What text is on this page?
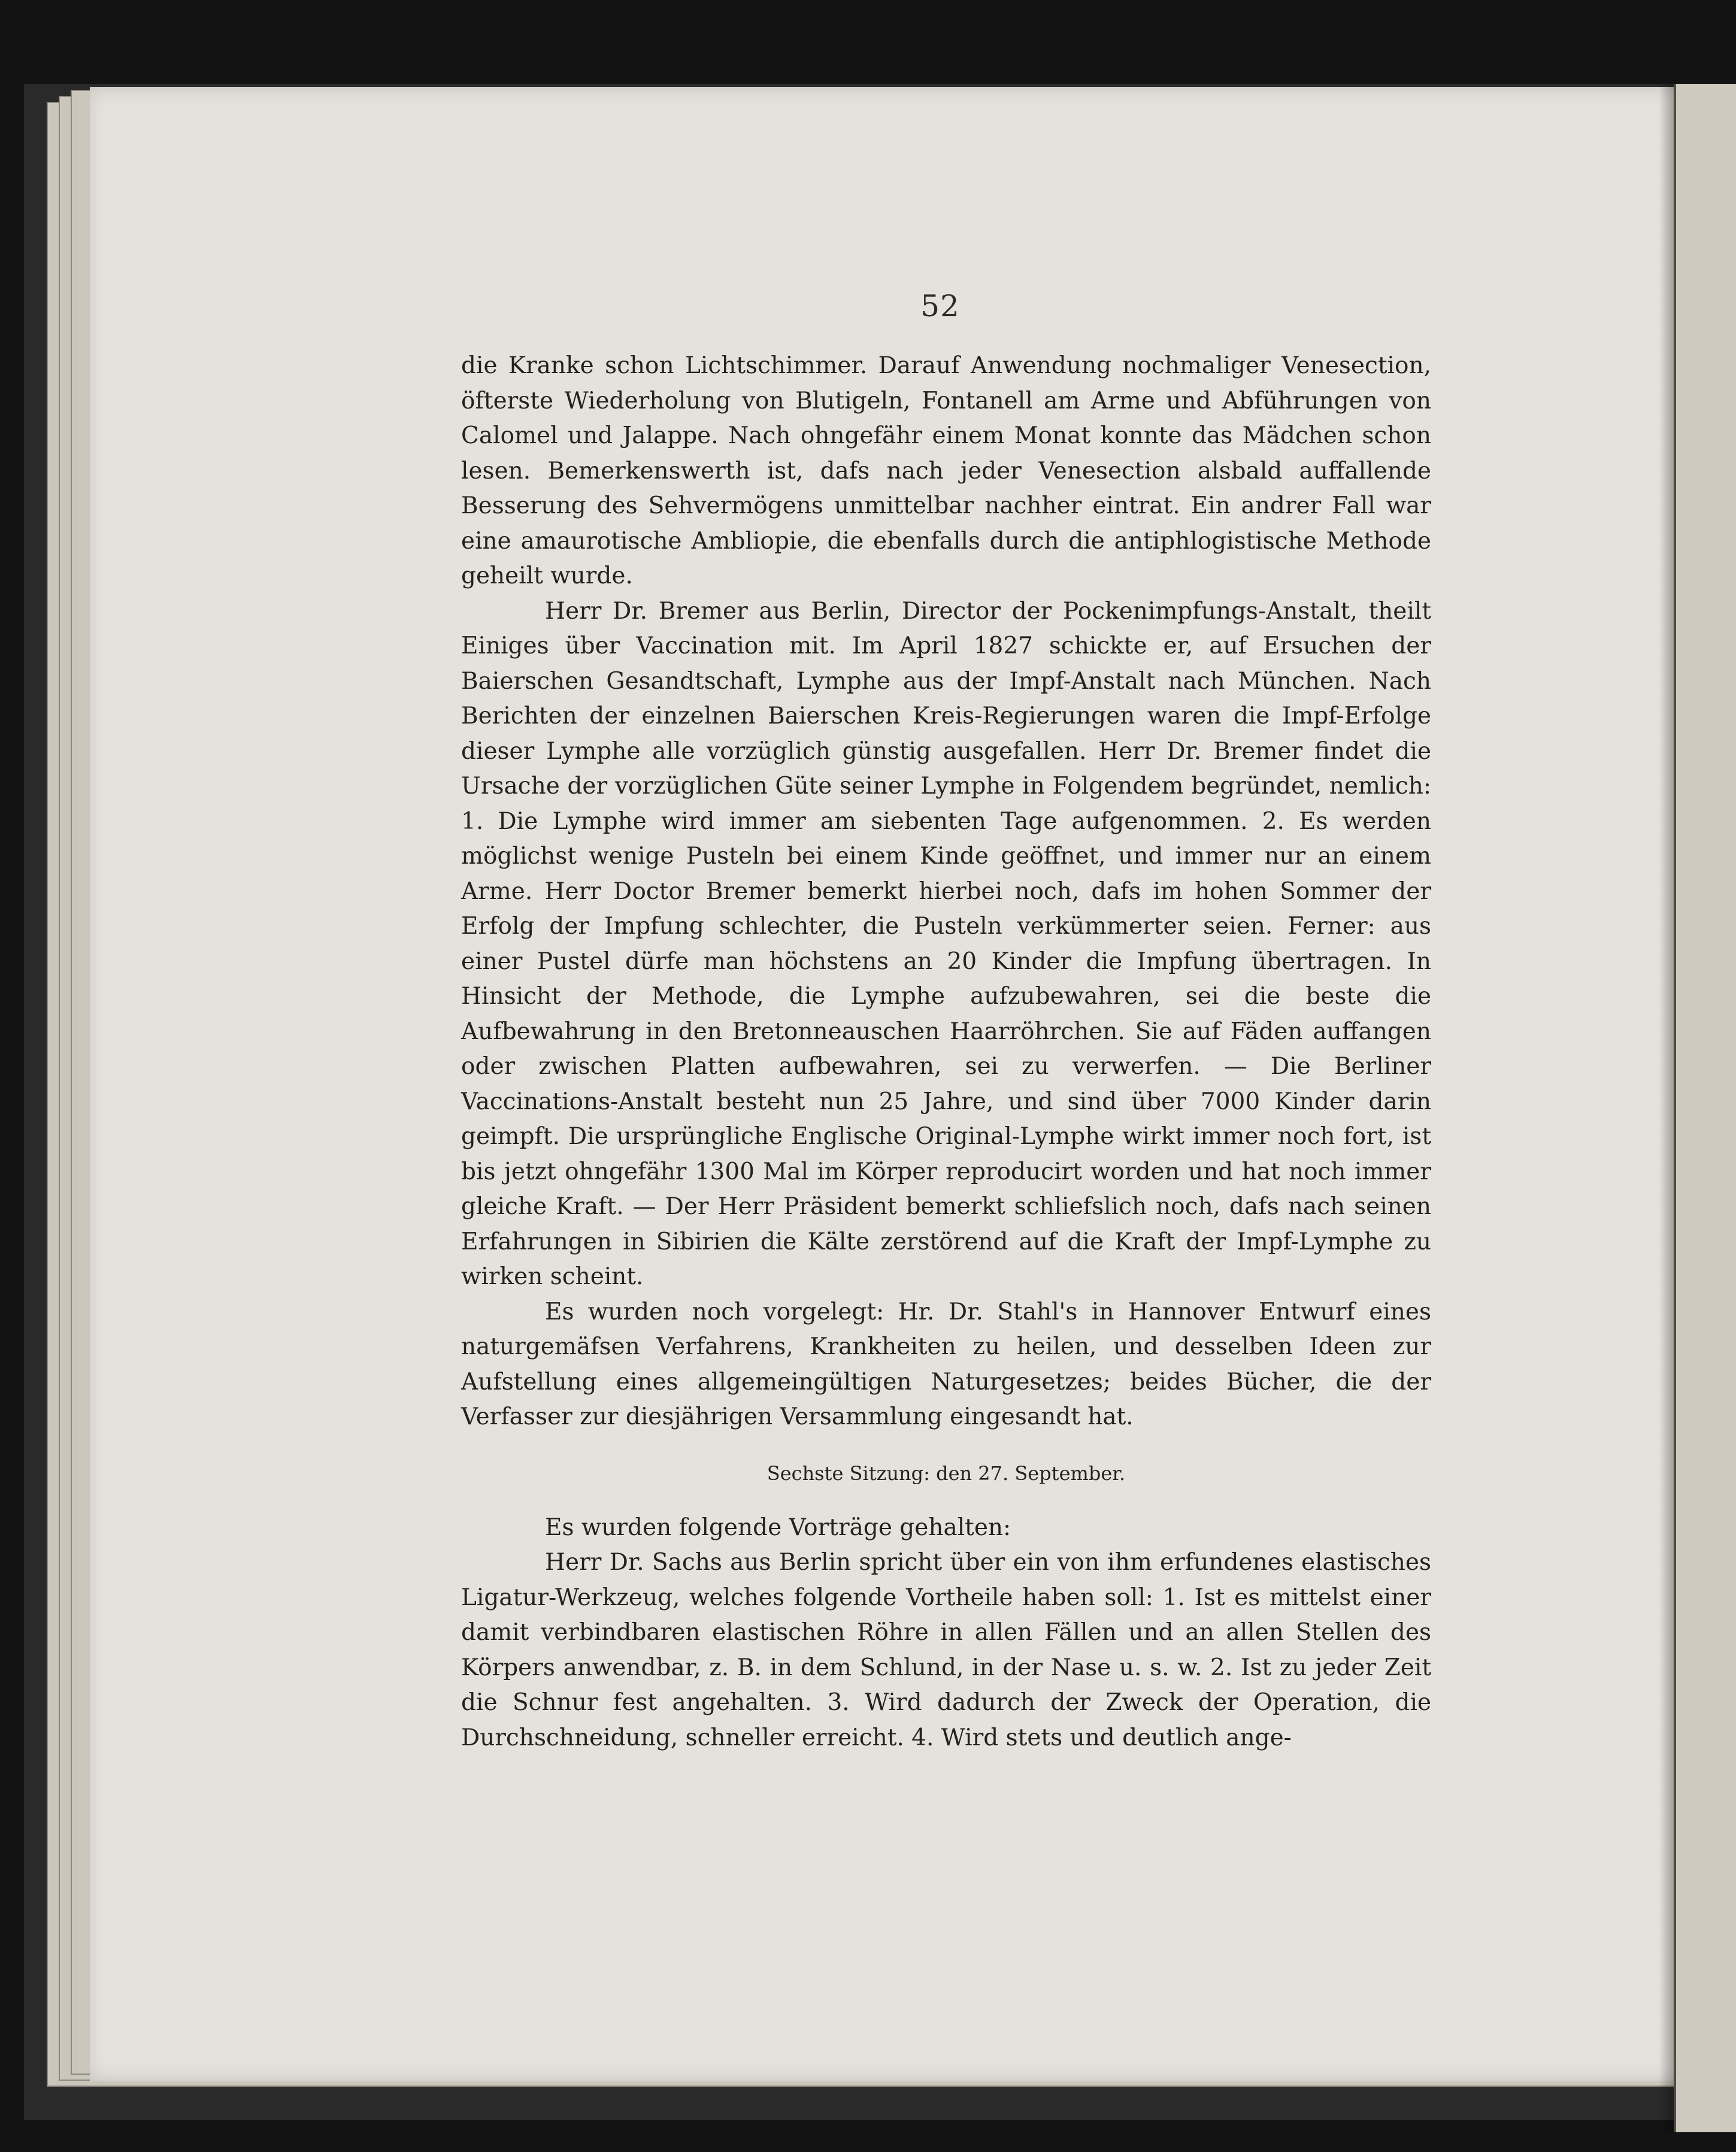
52

die Kranke schon Lichtschimmer. Darauf Anwendung nochmaliger Venesection, öfterste Wiederholung von Blutigeln, Fontanell am Arme und Abführungen von Calomel und Jalappe. Nach ohngefähr einem Monat konnte das Mädchen schon lesen. Bemerkenswerth ist, dafs nach jeder Venesection alsbald auffallende Besserung des Sehvermögens unmittelbar nachher eintrat. Ein andrer Fall war eine amaurotische Ambliopie, die ebenfalls durch die antiphlogistische Methode geheilt wurde.

Herr Dr. Bremer aus Berlin, Director der Pockenimpfungs-Anstalt, theilt Einiges über Vaccination mit. Im April 1827 schickte er, auf Ersuchen der Baierschen Gesandtschaft, Lymphe aus der Impf-Anstalt nach München. Nach Berichten der einzelnen Baierschen Kreis-Regierungen waren die Impf-Erfolge dieser Lymphe alle vorzüglich günstig ausgefallen. Herr Dr. Bremer findet die Ursache der vorzüglichen Güte seiner Lymphe in Folgendem begründet, nemlich: 1. Die Lymphe wird immer am siebenten Tage aufgenommen. 2. Es werden möglichst wenige Pusteln bei einem Kinde geöffnet, und immer nur an einem Arme. Herr Doctor Bremer bemerkt hierbei noch, dafs im hohen Sommer der Erfolg der Impfung schlechter, die Pusteln verkümmerter seien. Ferner: aus einer Pustel dürfe man höchstens an 20 Kinder die Impfung übertragen. In Hinsicht der Methode, die Lymphe aufzubewahren, sei die beste die Aufbewahrung in den Bretonneauschen Haarröhrchen. Sie auf Fäden auffangen oder zwischen Platten aufbewahren, sei zu verwerfen. — Die Berliner Vaccinations-Anstalt besteht nun 25 Jahre, und sind über 7000 Kinder darin geimpft. Die ursprüngliche Englische Original-Lymphe wirkt immer noch fort, ist bis jetzt ohngefähr 1300 Mal im Körper reproducirt worden und hat noch immer gleiche Kraft. — Der Herr Präsident bemerkt schliefslich noch, dafs nach seinen Erfahrungen in Sibirien die Kälte zerstörend auf die Kraft der Impf-Lymphe zu wirken scheint.

Es wurden noch vorgelegt: Hr. Dr. Stahl's in Hannover Entwurf eines naturgemäfsen Verfahrens, Krankheiten zu heilen, und desselben Ideen zur Aufstellung eines allgemeingültigen Naturgesetzes; beides Bücher, die der Verfasser zur diesjährigen Versammlung eingesandt hat.

Sechste Sitzung: den 27. September.

Es wurden folgende Vorträge gehalten:

Herr Dr. Sachs aus Berlin spricht über ein von ihm erfundenes elastisches Ligatur-Werkzeug, welches folgende Vortheile haben soll: 1. Ist es mittelst einer damit verbindbaren elastischen Röhre in allen Fällen und an allen Stellen des Körpers anwendbar, z. B. in dem Schlund, in der Nase u. s. w. 2. Ist zu jeder Zeit die Schnur fest angehalten. 3. Wird dadurch der Zweck der Operation, die Durchschneidung, schneller erreicht. 4. Wird stets und deutlich ange-
